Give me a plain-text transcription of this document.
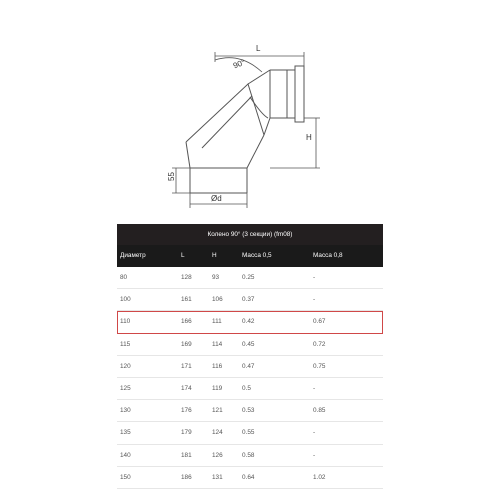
L
90°
H
55
Ød
Колено 90° (3 секции) (fm08)
Диаметр	L	H	Масса 0,5	Масса 0,8
80	128	93	0.25	-
100	161	106	0.37	-
110	166	111	0.42	0.67
115	169	114	0.45	0.72
120	171	116	0.47	0.75
125	174	119	0.5	-
130	176	121	0.53	0.85
135	179	124	0.55	-
140	181	126	0.58	-
150	186	131	0.64	1.02
